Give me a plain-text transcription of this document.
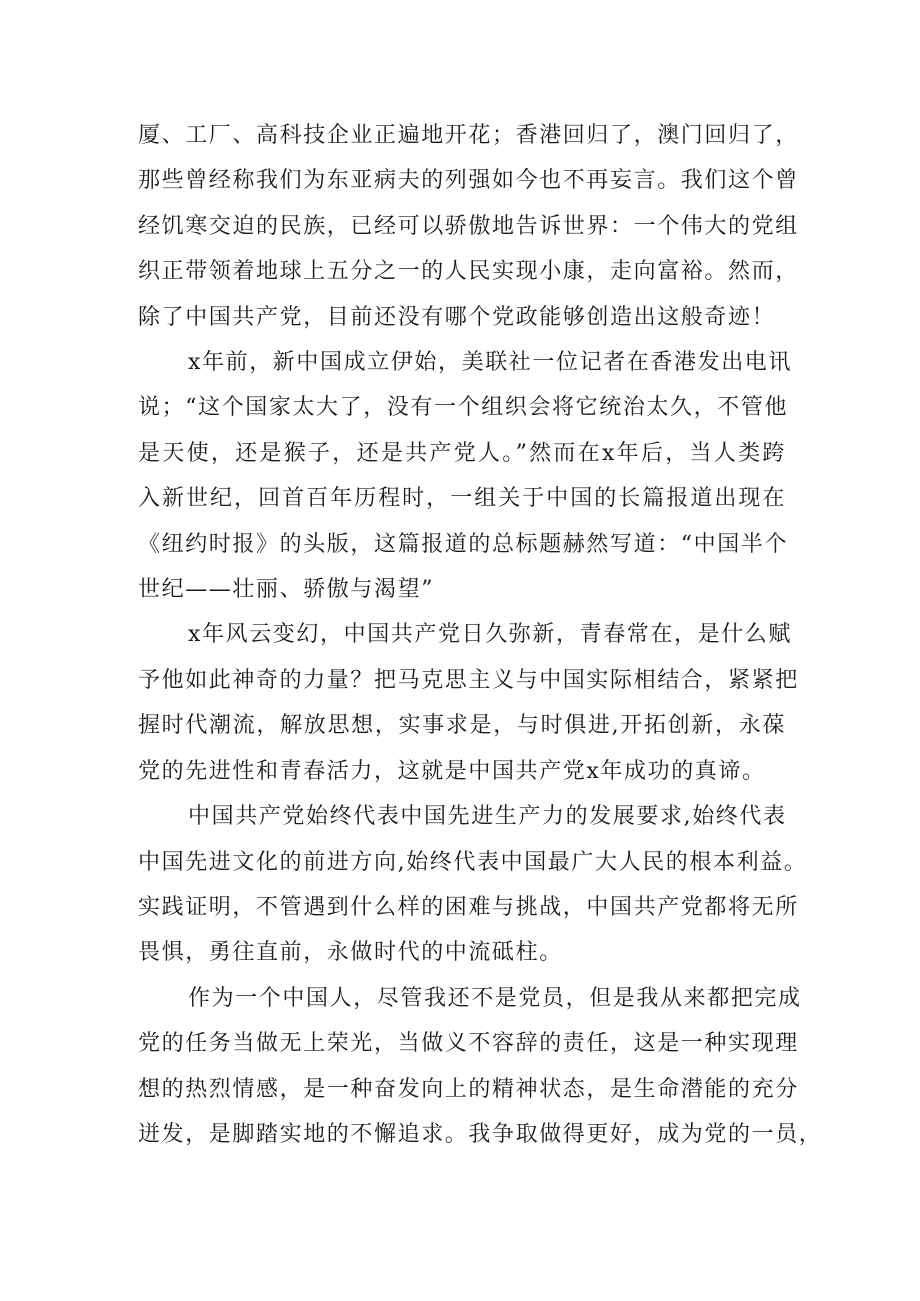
厦、工厂、高科技企业正遍地开花；香港回归了，澳门回归了，
那些曾经称我们为东亚病夫的列强如今也不再妄言。我们这个曾
经饥寒交迫的民族，已经可以骄傲地告诉世界：一个伟大的党组
织正带领着地球上五分之一的人民实现小康，走向富裕。然而，
除了中国共产党，目前还没有哪个党政能够创造出这般奇迹！
x年前，新中国成立伊始，美联社一位记者在香港发出电讯
说；“这个国家太大了，没有一个组织会将它统治太久，不管他
是天使，还是猴子，还是共产党人。”然而在x年后，当人类跨
入新世纪，回首百年历程时，一组关于中国的长篇报道出现在
《纽约时报》的头版，这篇报道的总标题赫然写道：“中国半个
世纪——壮丽、骄傲与渴望”
x年风云变幻，中国共产党日久弥新，青春常在，是什么赋
予他如此神奇的力量？把马克思主义与中国实际相结合，紧紧把
握时代潮流，解放思想，实事求是，与时俱进,开拓创新，永葆
党的先进性和青春活力，这就是中国共产党x年成功的真谛。
中国共产党始终代表中国先进生产力的发展要求,始终代表
中国先进文化的前进方向,始终代表中国最广大人民的根本利益。
实践证明，不管遇到什么样的困难与挑战，中国共产党都将无所
畏惧，勇往直前，永做时代的中流砥柱。
作为一个中国人，尽管我还不是党员，但是我从来都把完成
党的任务当做无上荣光，当做义不容辞的责任，这是一种实现理
想的热烈情感，是一种奋发向上的精神状态，是生命潜能的充分
迸发，是脚踏实地的不懈追求。我争取做得更好，成为党的一员，
